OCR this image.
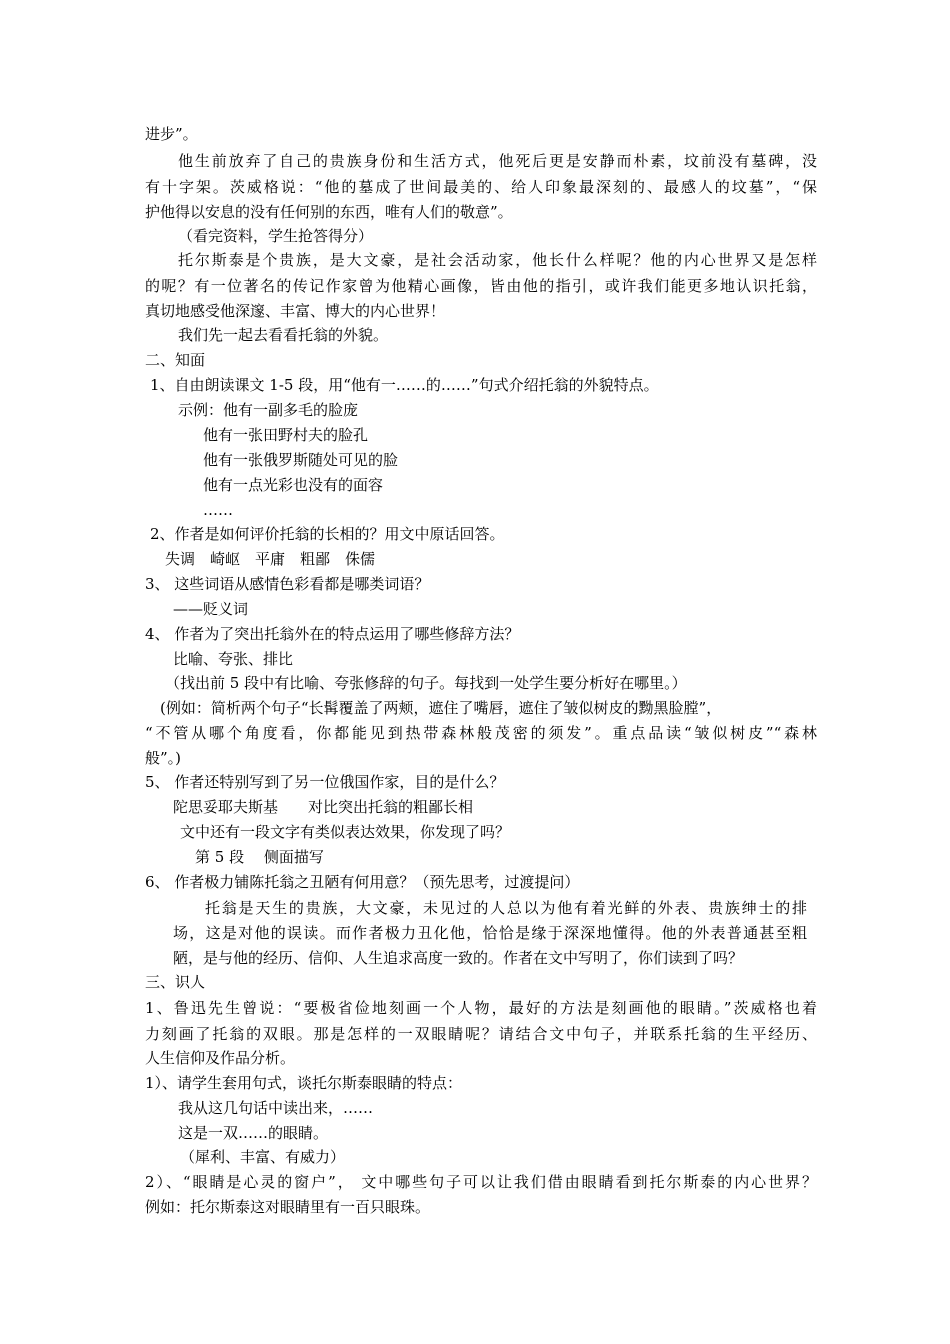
进步”。
他生前放弃了自己的贵族身份和生活方式，他死后更是安静而朴素，坟前没有墓碑，没
有十字架。茨威格说：“他的墓成了世间最美的、给人印象最深刻的、最感人的坟墓”，“保
护他得以安息的没有任何别的东西，唯有人们的敬意”。
（看完资料，学生抢答得分）
托尔斯泰是个贵族，是大文豪，是社会活动家，他长什么样呢？他的内心世界又是怎样
的呢？有一位著名的传记作家曾为他精心画像，皆由他的指引，或许我们能更多地认识托翁，
真切地感受他深邃、丰富、博大的内心世界！
我们先一起去看看托翁的外貌。
二、知面
1、自由朗读课文 1-5 段，用“他有一……的……”句式介绍托翁的外貌特点。
示例：他有一副多毛的脸庞
他有一张田野村夫的脸孔
他有一张俄罗斯随处可见的脸
他有一点光彩也没有的面容
……
2、作者是如何评价托翁的长相的？用文中原话回答。
失调　崎岖　平庸　粗鄙　侏儒
3、 这些词语从感情色彩看都是哪类词语？
——贬义词
4、 作者为了突出托翁外在的特点运用了哪些修辞方法？
比喻、夸张、排比
（找出前 5 段中有比喻、夸张修辞的句子。每找到一处学生要分析好在哪里。）
(例如：简析两个句子“长髯覆盖了两颊，遮住了嘴唇，遮住了皱似树皮的黝黑脸膛”，
“不管从哪个角度看，你都能见到热带森林般茂密的须发”。重点品读“皱似树皮”“森林
般”。)
5、 作者还特别写到了另一位俄国作家，目的是什么？
陀思妥耶夫斯基　　对比突出托翁的粗鄙长相
文中还有一段文字有类似表达效果，你发现了吗？
第 5 段　 侧面描写
6、 作者极力铺陈托翁之丑陋有何用意？（预先思考，过渡提问）
托翁是天生的贵族，大文豪，未见过的人总以为他有着光鲜的外表、贵族绅士的排
场，这是对他的误读。而作者极力丑化他，恰恰是缘于深深地懂得。他的外表普通甚至粗
陋，是与他的经历、信仰、人生追求高度一致的。作者在文中写明了，你们读到了吗？
三、识人
1、鲁迅先生曾说：“要极省俭地刻画一个人物，最好的方法是刻画他的眼睛。”茨威格也着
力刻画了托翁的双眼。那是怎样的一双眼睛呢？请结合文中句子，并联系托翁的生平经历、
人生信仰及作品分析。
1）、请学生套用句式，谈托尔斯泰眼睛的特点：
我从这几句话中读出来，……
这是一双……的眼睛。
（犀利、丰富、有威力）
2）、“眼睛是心灵的窗户”， 文中哪些句子可以让我们借由眼睛看到托尔斯泰的内心世界？
例如：托尔斯泰这对眼睛里有一百只眼珠。
